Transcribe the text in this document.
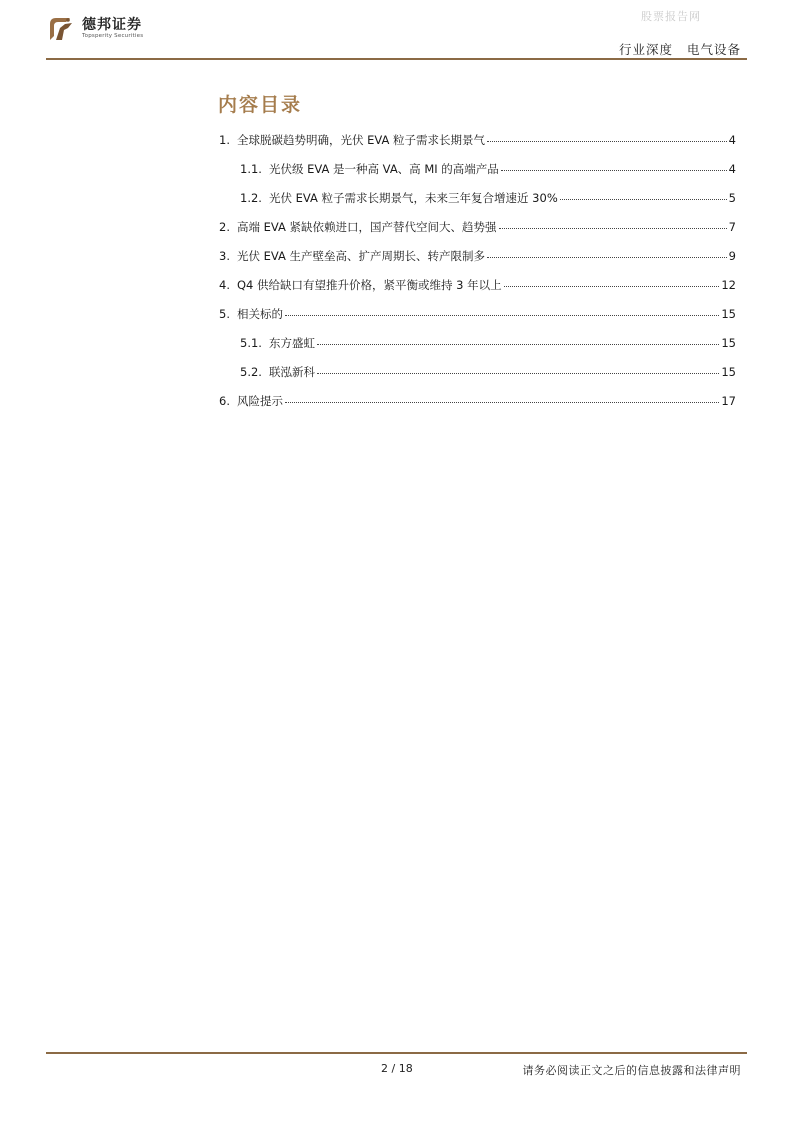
股票报告网
德邦证券
Topsperity Securities
行业深度 电气设备
内容目录
1. 全球脱碳趋势明确，光伏 EVA 粒子需求长期景气	4
1.1. 光伏级 EVA 是一种高 VA、高 MI 的高端产品	4
1.2. 光伏 EVA 粒子需求长期景气，未来三年复合增速近 30%	5
2. 高端 EVA 紧缺依赖进口，国产替代空间大、趋势强	7
3. 光伏 EVA 生产壁垒高、扩产周期长、转产限制多	9
4. Q4 供给缺口有望推升价格，紧平衡或维持 3 年以上	12
5. 相关标的	15
5.1. 东方盛虹	15
5.2. 联泓新科	15
6. 风险提示	17
2 / 18	请务必阅读正文之后的信息披露和法律声明
